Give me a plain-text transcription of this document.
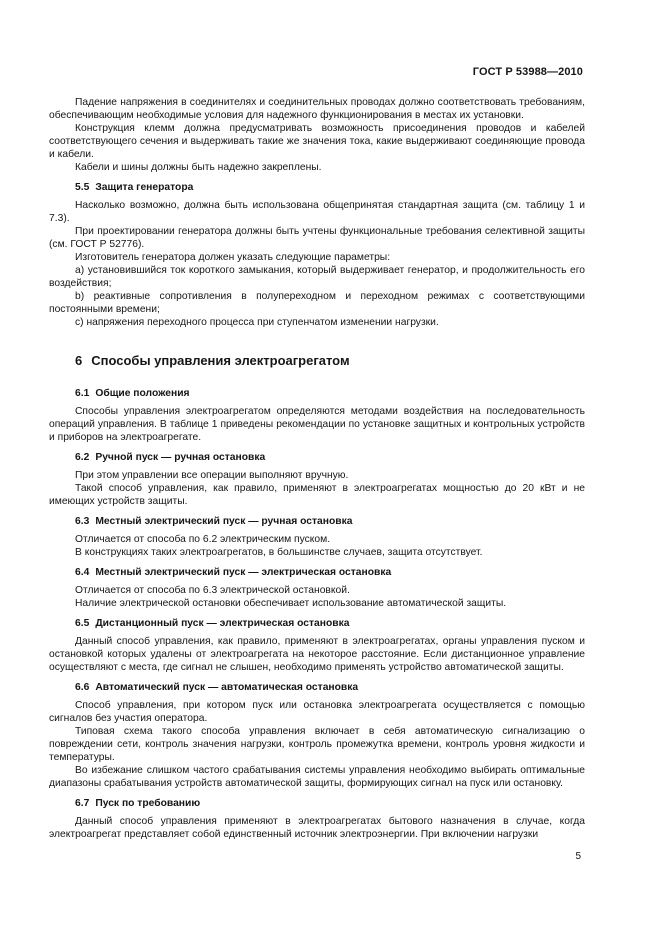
ГОСТ Р 53988—2010

Падение напряжения в соединителях и соединительных проводах должно соответствовать требованиям, обеспечивающим необходимые условия для надежного функционирования в местах их установки.

Конструкция клемм должна предусматривать возможность присоединения проводов и кабелей соответствующего сечения и выдерживать такие же значения тока, какие выдерживают соединяющие провода и кабели.

Кабели и шины должны быть надежно закреплены.

5.5 Защита генератора

Насколько возможно, должна быть использована общепринятая стандартная защита (см. таблицу 1 и 7.3).

При проектировании генератора должны быть учтены функциональные требования селективной защиты (см. ГОСТ Р 52776).

Изготовитель генератора должен указать следующие параметры:

а) установившийся ток короткого замыкания, который выдерживает генератор, и продолжительность его воздействия;

b) реактивные сопротивления в полупереходном и переходном режимах с соответствующими постоянными времени;

с) напряжения переходного процесса при ступенчатом изменении нагрузки.

6 Способы управления электроагрегатом
6.1 Общие положения

Способы управления электроагрегатом определяются методами воздействия на последовательность операций управления. В таблице 1 приведены рекомендации по установке защитных и контрольных устройств и приборов на электроагрегате.

6.2 Ручной пуск — ручная остановка

При этом управлении все операции выполняют вручную.

Такой способ управления, как правило, применяют в электроагрегатах мощностью до 20 кВт и не имеющих устройств защиты.

6.3 Местный электрический пуск — ручная остановка

Отличается от способа по 6.2 электрическим пуском.

В конструкциях таких электроагрегатов, в большинстве случаев, защита отсутствует.

6.4 Местный электрический пуск — электрическая остановка

Отличается от способа по 6.3 электрической остановкой.

Наличие электрической остановки обеспечивает использование автоматической защиты.

6.5 Дистанционный пуск — электрическая остановка

Данный способ управления, как правило, применяют в электроагрегатах, органы управления пуском и остановкой которых удалены от электроагрегата на некоторое расстояние. Если дистанционное управление осуществляют с места, где сигнал не слышен, необходимо применять устройство автоматической защиты.

6.6 Автоматический пуск — автоматическая остановка

Способ управления, при котором пуск или остановка электроагрегата осуществляется с помощью сигналов без участия оператора.

Типовая схема такого способа управления включает в себя автоматическую сигнализацию о повреждении сети, контроль значения нагрузки, контроль промежутка времени, контроль уровня жидкости и температуры.

Во избежание слишком частого срабатывания системы управления необходимо выбирать оптимальные диапазоны срабатывания устройств автоматической защиты, формирующих сигнал на пуск или остановку.

6.7 Пуск по требованию

Данный способ управления применяют в электроагрегатах бытового назначения в случае, когда электроагрегат представляет собой единственный источник электроэнергии. При включении нагрузки

5
